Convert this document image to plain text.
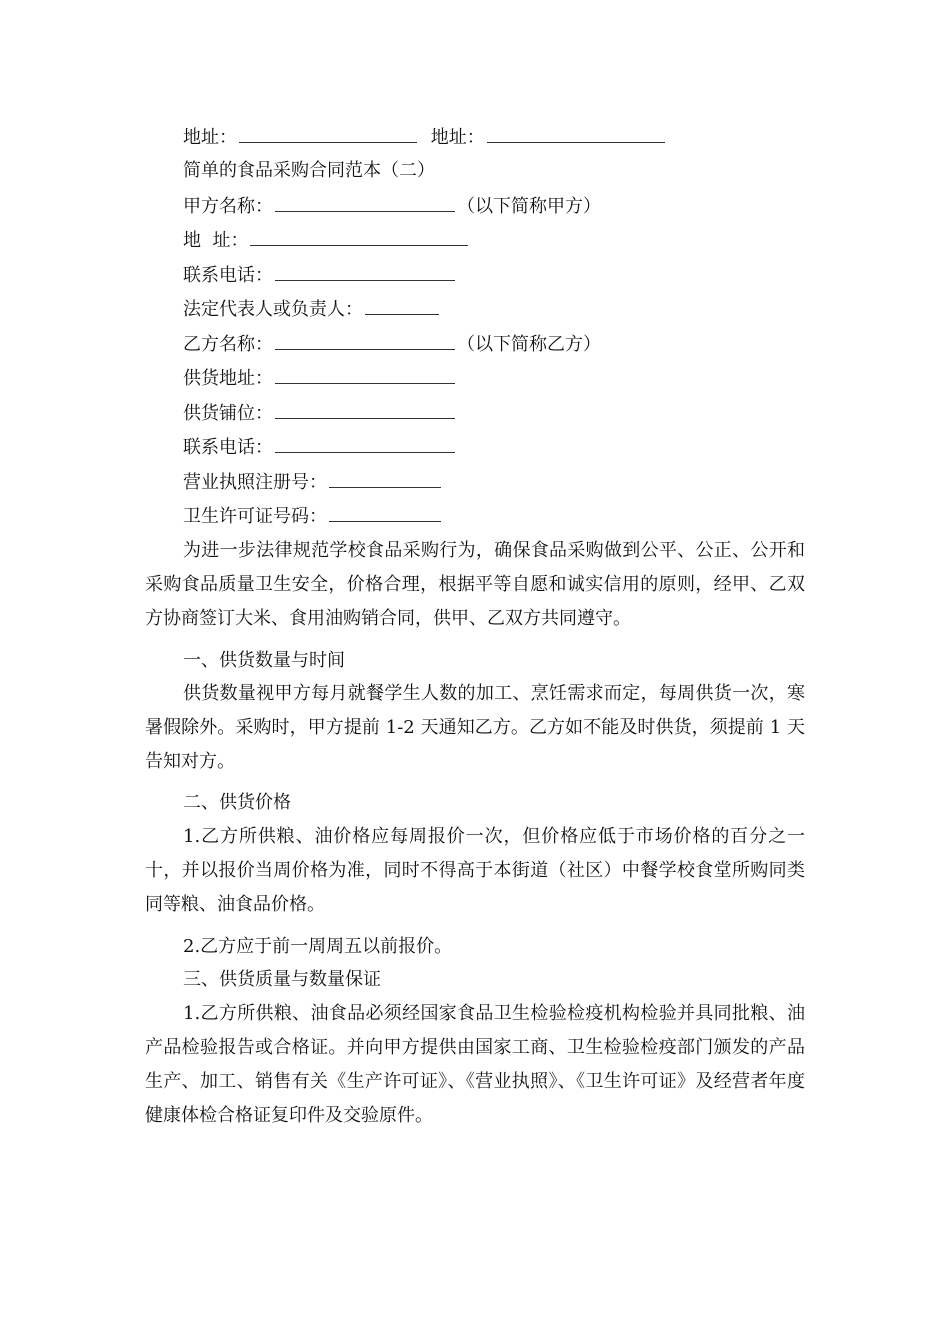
地址：	地址：
简单的食品采购合同范本（二）
甲方名称：	（以下简称甲方）
地  址：
联系电话：
法定代表人或负责人：
乙方名称：	（以下简称乙方）
供货地址：
供货铺位：
联系电话：
营业执照注册号：
卫生许可证号码：
为进一步法律规范学校食品采购行为，确保食品采购做到公平、公正、公开和采购食品质量卫生安全，价格合理，根据平等自愿和诚实信用的原则，经甲、乙双方协商签订大米、食用油购销合同，供甲、乙双方共同遵守。
一、供货数量与时间
供货数量视甲方每月就餐学生人数的加工、烹饪需求而定，每周供货一次，寒暑假除外。采购时，甲方提前 1-2 天通知乙方。乙方如不能及时供货，须提前 1 天告知对方。
二、供货价格
1.乙方所供粮、油价格应每周报价一次，但价格应低于市场价格的百分之一十，并以报价当周价格为准，同时不得高于本街道（社区）中餐学校食堂所购同类同等粮、油食品价格。
2.乙方应于前一周周五以前报价。
三、供货质量与数量保证
1.乙方所供粮、油食品必须经国家食品卫生检验检疫机构检验并具同批粮、油产品检验报告或合格证。并向甲方提供由国家工商、卫生检验检疫部门颁发的产品生产、加工、销售有关《生产许可证》、《营业执照》、《卫生许可证》及经营者年度健康体检合格证复印件及交验原件。
